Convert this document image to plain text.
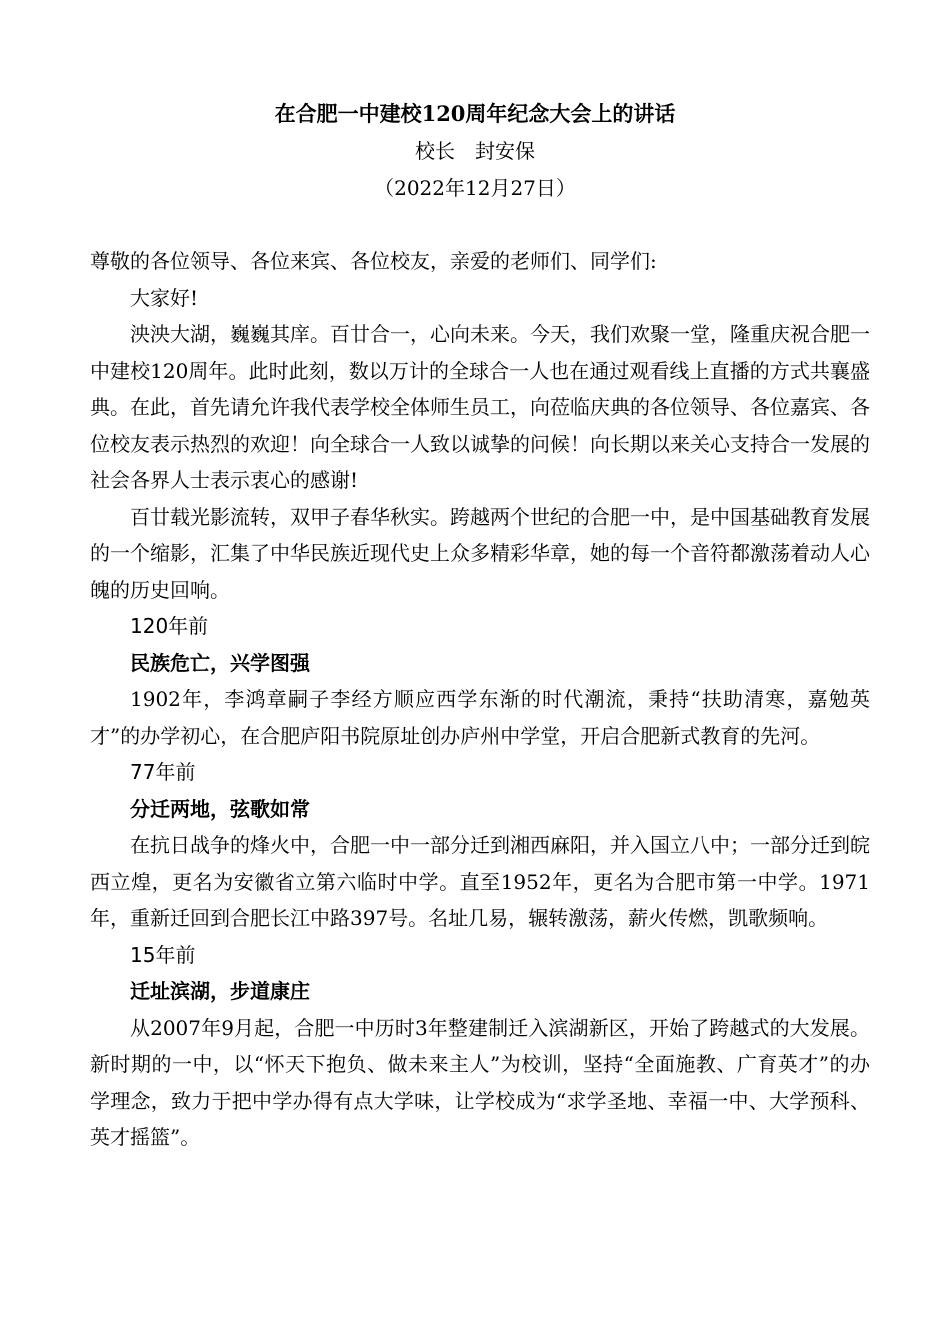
在合肥一中建校120周年纪念大会上的讲话
校长　封安保
（2022年12月27日）

尊敬的各位领导、各位来宾、各位校友，亲爱的老师们、同学们:

大家好!

泱泱大湖，巍巍其庠。百廿合一，心向未来。今天，我们欢聚一堂，隆重庆祝合肥一中建校120周年。此时此刻，数以万计的全球合一人也在通过观看线上直播的方式共襄盛典。在此，首先请允许我代表学校全体师生员工，向莅临庆典的各位领导、各位嘉宾、各位校友表示热烈的欢迎！向全球合一人致以诚挚的问候！向长期以来关心支持合一发展的社会各界人士表示衷心的感谢!

百廿载光影流转，双甲子春华秋实。跨越两个世纪的合肥一中，是中国基础教育发展的一个缩影，汇集了中华民族近现代史上众多精彩华章，她的每一个音符都激荡着动人心魄的历史回响。

120年前

民族危亡，兴学图强

1902年，李鸿章嗣子李经方顺应西学东渐的时代潮流，秉持“扶助清寒，嘉勉英才”的办学初心，在合肥庐阳书院原址创办庐州中学堂，开启合肥新式教育的先河。

77年前

分迁两地，弦歌如常

在抗日战争的烽火中，合肥一中一部分迁到湘西麻阳，并入国立八中；一部分迁到皖西立煌，更名为安徽省立第六临时中学。直至1952年，更名为合肥市第一中学。1971年，重新迁回到合肥长江中路397号。名址几易，辗转激荡，薪火传燃，凯歌频响。

15年前

迁址滨湖，步道康庄

从2007年9月起，合肥一中历时3年整建制迁入滨湖新区，开始了跨越式的大发展。新时期的一中，以“怀天下抱负、做未来主人”为校训，坚持“全面施教、广育英才”的办学理念，致力于把中学办得有点大学味，让学校成为“求学圣地、幸福一中、大学预科、英才摇篮”。
